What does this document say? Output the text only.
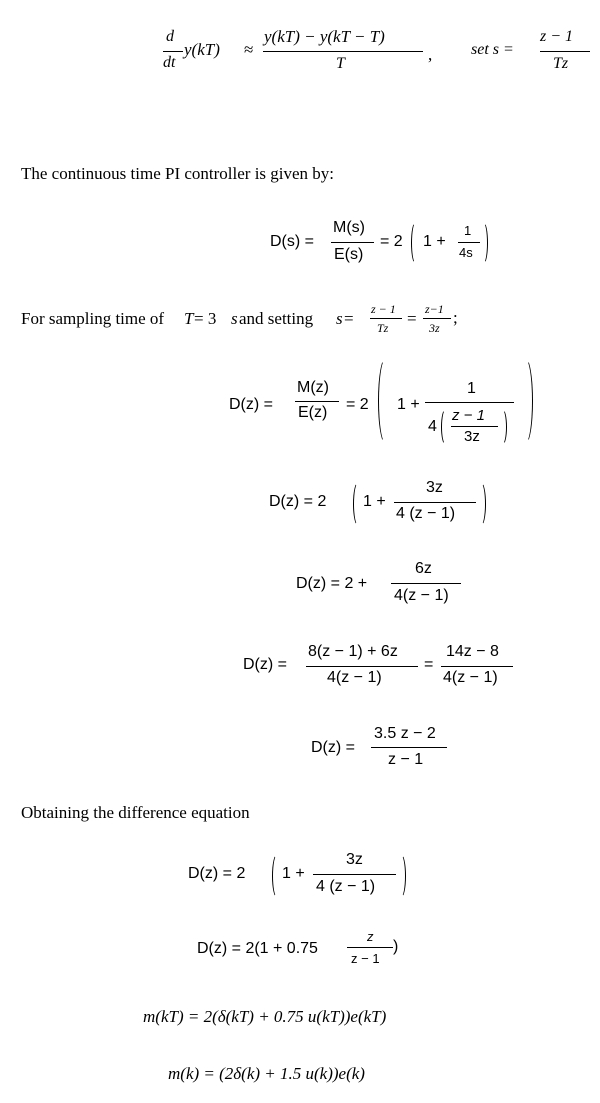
d
dt
y(kT) ≈
y(kT) − y(kT − T)
T	, set s =
z − 1
Tz
The continuous time PI controller is given by:
D(s) =
M(s)
E(s)
= 2 1 +
1
4s
For sampling time of T = 3 s and setting s = z − 1
Tz = z−1
3z
;
D(z) =
M(z)
E(z) = 2 1 +
1
4
z − 1
3z
D(z) = 2 1 +
3z
4 (z − 1)
D(z) = 2 +
6z
4(z − 1)
D(z) =
8(z − 1) + 6z
4(z − 1)
=
14z − 8
4(z − 1)
D(z) =
3.5 z − 2
z − 1
Obtaining the difference equation
D(z) = 2 1 +
3z
4 (z − 1)
D(z) = 2(1 + 0.75
z
z − 1
)
m(kT) = 2(δ(kT) + 0.75 u(kT))e(kT)
m(k) = (2δ(k) + 1.5 u(k))e(k)
